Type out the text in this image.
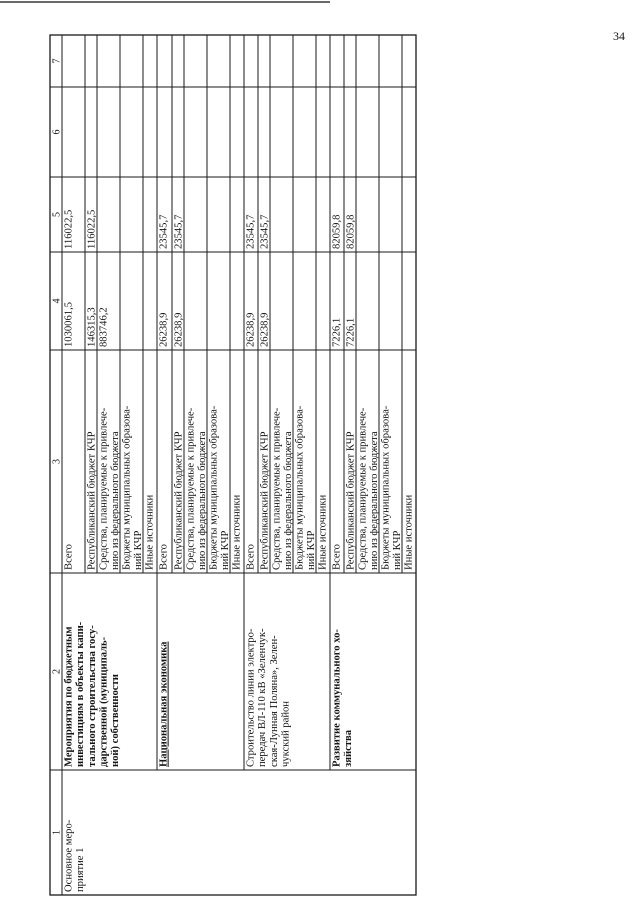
34
1
2
3
4
5
6
7
Основное меро- приятие 1
Мероприятия по бюджетным инвестициям в объекты капи- тального строительства госу- дарственной (муниципаль- ной) собственности
Всего
1030061,5
116022,5
Республиканский бюджет КЧР
146315,3
116022,5
Средства, планируемые к привлече- нию из федерального бюджета
883746,2
Бюджеты муниципальных образова- ний КЧР Иные источники
Национальная экономика
Всего
26238,9
23545,7
Республиканский бюджет КЧР
26238,9
23545,7
Средства, планируемые к привлече- нию из федерального бюджета Бюджеты муниципальных образова- ний КЧР Иные источники
Строительство линии электро- передач ВЛ-110 кВ «Зеленчук- ская-Лунная Поляна», Зелен- чукский район
Всего
26238,9
23545,7
Республиканский бюджет КЧР
26238,9
23545,7
Средства, планируемые к привлече- нию из федерального бюджета Бюджеты муниципальных образова- ний КЧР Иные источники
Развитие коммунального хо- зяйства
Всего
7226,1
82059,8
Республиканский бюджет КЧР
7226,1
82059,8
Средства, планируемые к привлече- нию из федерального бюджета Бюджеты муниципальных образова- ний КЧР Иные источники
